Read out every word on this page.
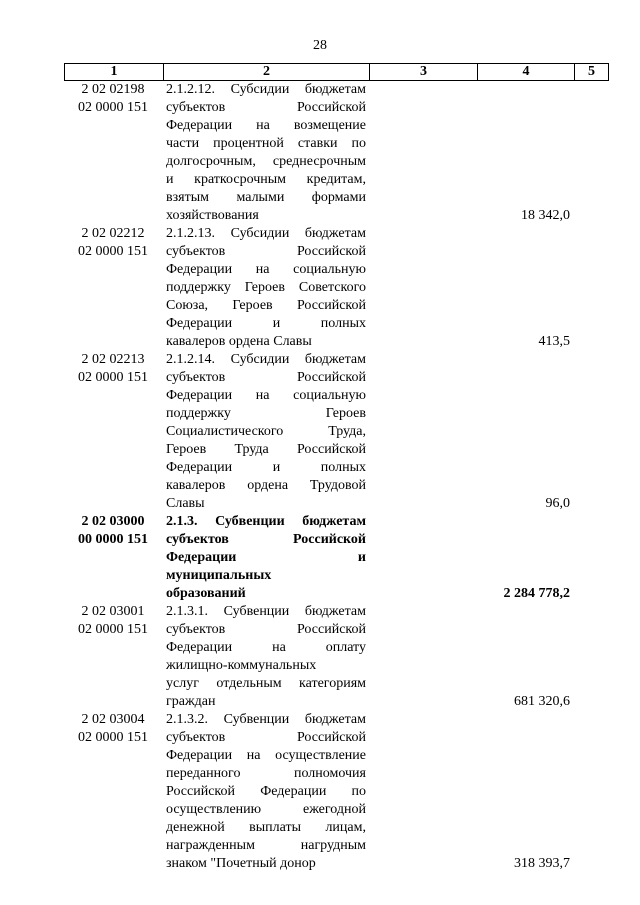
28
1	2	3	4	5
2 02 02198
02 0000 151
2.1.2.12. Субсидии бюджетам
субъектов Российской
Федерации на возмещение
части процентной ставки по
долгосрочным, среднесрочным
и краткосрочным кредитам,
взятым малыми формами
хозяйствования	18 342,0
2 02 02212
02 0000 151
2.1.2.13. Субсидии бюджетам
субъектов Российской
Федерации на социальную
поддержку Героев Советского
Союза, Героев Российской
Федерации и полных
кавалеров ордена Славы	413,5
2 02 02213
02 0000 151
2.1.2.14. Субсидии бюджетам
субъектов Российской
Федерации на социальную
поддержку Героев
Социалистического Труда,
Героев Труда Российской
Федерации и полных
кавалеров ордена Трудовой
Славы	96,0
2 02 03000
00 0000 151
2.1.3. Субвенции бюджетам
субъектов Российской
Федерации и
муниципальных
образований	2 284 778,2
2 02 03001
02 0000 151
2.1.3.1. Субвенции бюджетам
субъектов Российской
Федерации на оплату
жилищно-коммунальных
услуг отдельным категориям
граждан	681 320,6
2 02 03004
02 0000 151
2.1.3.2. Субвенции бюджетам
субъектов Российской
Федерации на осуществление
переданного полномочия
Российской Федерации по
осуществлению ежегодной
денежной выплаты лицам,
награжденным нагрудным
знаком "Почетный донор	318 393,7
